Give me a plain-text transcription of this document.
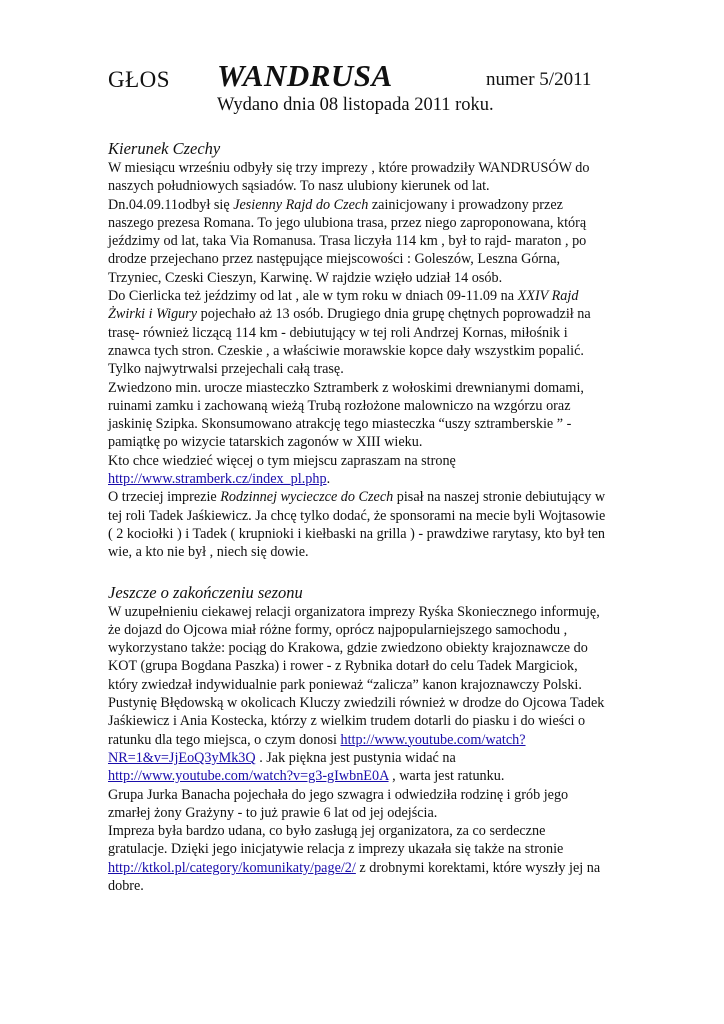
GŁOS WANDRUSA	numer 5/2011
Wydano dnia 08 listopada 2011 roku.

Kierunek Czechy

W miesiącu wrześniu odbyły się trzy imprezy , które prowadziły WANDRUSÓW do naszych południowych sąsiadów. To nasz ulubiony kierunek od lat.

Dn.04.09.11odbył się Jesienny Rajd do Czech zainicjowany i prowadzony przez naszego prezesa Romana. To jego ulubiona trasa, przez niego zaproponowana, którą jeździmy od lat, taka Via Romanusa. Trasa liczyła 114 km , był to rajd- maraton , po drodze przejechano przez następujące miejscowości : Goleszów, Leszna Górna, Trzyniec, Czeski Cieszyn, Karwinę. W rajdzie wzięło udział 14 osób.

Do Cierlicka też jeździmy od lat , ale w tym roku w dniach 09-11.09 na XXIV Rajd Żwirki i Wigury pojechało aż 13 osób. Drugiego dnia grupę chętnych poprowadził na trasę- również liczącą 114 km - debiutujący w tej roli Andrzej Kornas, miłośnik i znawca tych stron. Czeskie , a właściwie morawskie kopce dały wszystkim popalić. Tylko najwytrwalsi przejechali całą trasę.

Zwiedzono min. urocze miasteczko Sztramberk z wołoskimi drewnianymi domami, ruinami zamku i zachowaną wieżą Trubą rozłożone malowniczo na wzgórzu oraz jaskinię Szipka. Skonsumowano atrakcję tego miasteczka “uszy sztramberskie ” - pamiątkę po wizycie tatarskich zagonów w XIII wieku.

Kto chce wiedzieć więcej o tym miejscu zapraszam na stronę http://www.stramberk.cz/index_pl.php.

O trzeciej imprezie Rodzinnej wycieczce do Czech pisał na naszej stronie debiutujący w tej roli Tadek Jaśkiewicz. Ja chcę tylko dodać, że sponsorami na mecie byli Wojtasowie ( 2 kociołki ) i Tadek ( krupnioki i kiełbaski na grilla ) - prawdziwe rarytasy, kto był ten wie, a kto nie był , niech się dowie.

Jeszcze o zakończeniu sezonu

W uzupełnieniu ciekawej relacji organizatora imprezy Ryśka Skoniecznego informuję, że dojazd do Ojcowa miał różne formy, oprócz najpopularniejszego samochodu , wykorzystano także: pociąg do Krakowa, gdzie zwiedzono obiekty krajoznawcze do KOT (grupa Bogdana Paszka) i rower - z Rybnika dotarł do celu Tadek Margiciok, który zwiedzał indywidualnie park ponieważ “zalicza” kanon krajoznawczy Polski.

Pustynię Błędowską w okolicach Kluczy zwiedzili również w drodze do Ojcowa Tadek Jaśkiewicz i Ania Kostecka, którzy z wielkim trudem dotarli do piasku i do wieści o ratunku dla tego miejsca, o czym donosi http://www.youtube.com/watch?NR=1&v=JjEoQ3yMk3Q . Jak piękna jest pustynia widać na http://www.youtube.com/watch?v=g3-gIwbnE0A , warta jest ratunku.

Grupa Jurka Banacha pojechała do jego szwagra i odwiedziła rodzinę i grób jego zmarłej żony Grażyny - to już prawie 6 lat od jej odejścia.

Impreza była bardzo udana, co było zasługą jej organizatora, za co serdeczne gratulacje. Dzięki jego inicjatywie relacja z imprezy ukazała się także na stronie http://ktkol.pl/category/komunikaty/page/2/ z drobnymi korektami, które wyszły jej na dobre.
